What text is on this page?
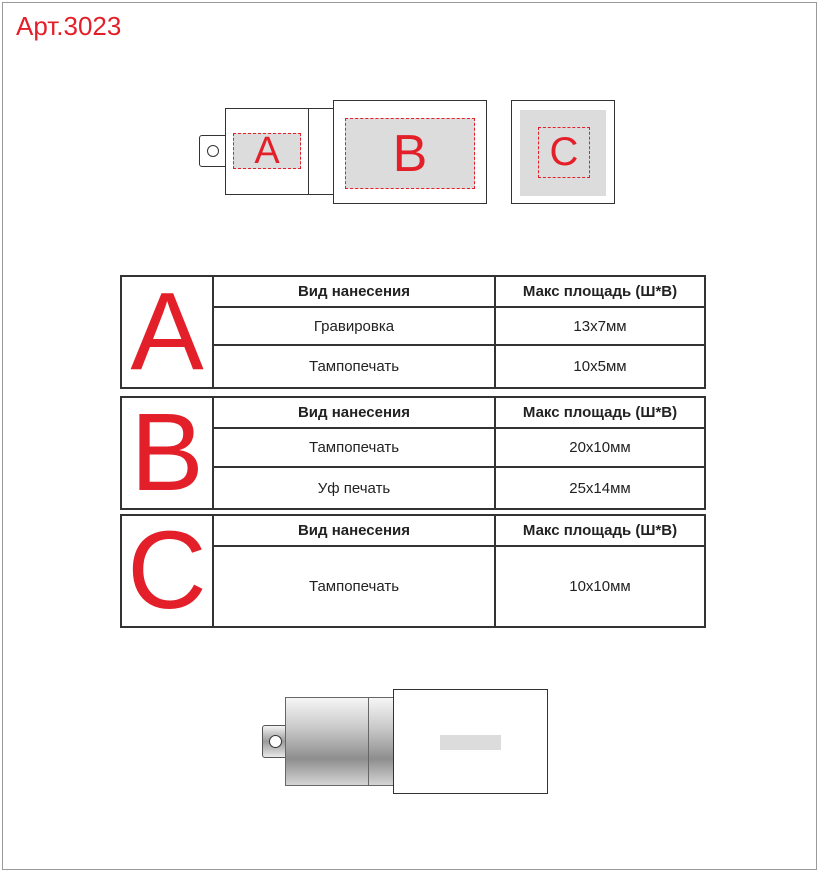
Арт.3023
A	B	C
A	Вид нанесения	Макс площадь (Ш*В)
	Гравировка	13x7мм
	Тампопечать	10x5мм
B	Вид нанесения	Макс площадь (Ш*В)
	Тампопечать	20x10мм
	Уф печать	25x14мм
C	Вид нанесения	Макс площадь (Ш*В)
	Тампопечать	10x10мм
